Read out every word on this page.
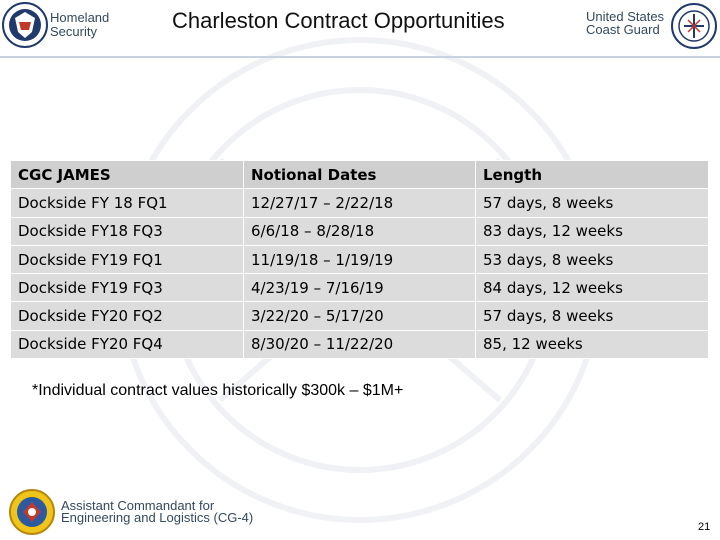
Homeland
Security	Charleston Contract Opportunities	United States
Coast Guard
CGC JAMES	Notional Dates	Length
Dockside FY 18 FQ1	12/27/17 – 2/22/18	57 days, 8 weeks
Dockside FY18 FQ3	6/6/18 – 8/28/18	83 days, 12 weeks
Dockside FY19 FQ1	11/19/18 – 1/19/19	53 days, 8 weeks
Dockside FY19 FQ3	4/23/19 – 7/16/19	84 days, 12 weeks
Dockside FY20 FQ2	3/22/20 – 5/17/20	57 days, 8 weeks
Dockside FY20 FQ4	8/30/20 – 11/22/20	85, 12 weeks
*Individual contract values historically $300k – $1M+
Assistant Commandant for
Engineering and Logistics (CG-4)
21
